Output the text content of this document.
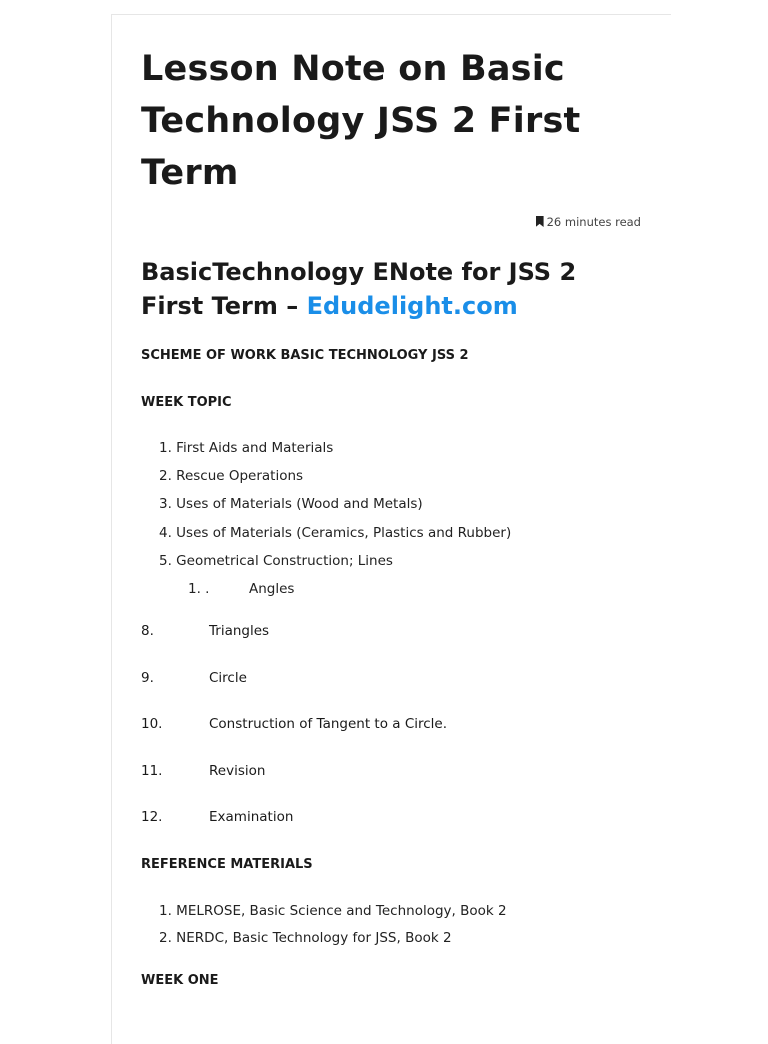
Lesson Note on Basic Technology JSS 2 First Term
26 minutes read
BasicTechnology ENote for JSS 2 First Term – Edudelight.com

SCHEME OF WORK BASIC TECHNOLOGY JSS 2

WEEK TOPIC

1. First Aids and Materials
2. Rescue Operations
3. Uses of Materials (Wood and Metals)
4. Uses of Materials (Ceramics, Plastics and Rubber)
5. Geometrical Construction; Lines
1. .	Angles
8.	Triangles
9.	Circle
10.	Construction of Tangent to a Circle.
11.	Revision
12.	Examination

REFERENCE MATERIALS

1. MELROSE, Basic Science and Technology, Book 2
2. NERDC, Basic Technology for JSS, Book 2

WEEK ONE
